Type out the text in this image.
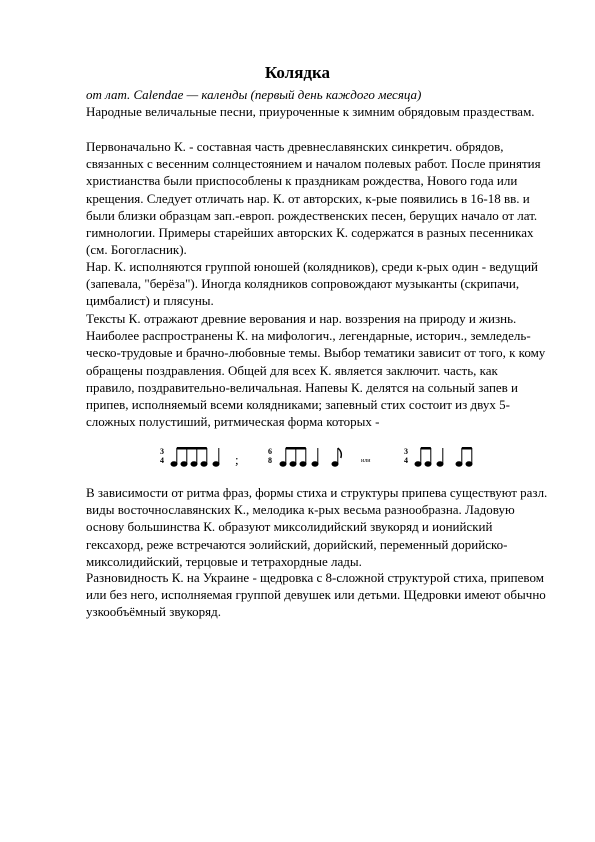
Колядка
от лат. Calendae — календы (первый день каждого месяца)

Народные величальные песни, приуроченные к зимним обрядовым праздествам.

Первоначально К. - составная часть древнеславянских синкретич. обрядов, связанных с весенним солнцестоянием и началом полевых работ. После принятия христианства были приспособлены к праздникам рождества, Нового года или крещения. Следует отличать нар. К. от авторских, к-рые появились в 16-18 вв. и были близки образцам зап.-европ. рождественских песен, берущих начало от лат. гимнологии. Примеры старейших авторских К. содержатся в разных песенниках (см. Богогласник).

Нар. К. исполняются группой юношей (колядников), среди к-рых один - ведущий (запевала, "берёза"). Иногда колядников сопровождают музыканты (скрипачи, цимбалист) и плясуны.

Тексты К. отражают древние верования и нар. воззрения на природу и жизнь. Наиболее распространены К. на мифологич., легендарные, историч., земледель-ческо-трудовые и брачно-любовные темы. Выбор тематики зависит от того, к кому обращены поздравления. Общей для всех К. является заключит. часть, как правило, поздравительно-величальная. Напевы К. делятся на сольный запев и припев, исполняемый всеми колядниками; запевный стих состоит из двух 5-сложных полустиший, ритмическая форма которых -

3
4	;
6
8	или
3
4

В зависимости от ритма фраз, формы стиха и структуры припева существуют разл. виды восточнославянских К., мелодика к-рых весьма разнообразна. Ладовую основу большинства К. образуют миксолидийский звукоряд и ионийский гексахорд, реже встречаются эолийский, дорийский, переменный дорийско- миксолидийский, терцовые и тетрахордные лады.

Разновидность К. на Украине - щедровка с 8-сложной структурой стиха, припевом или без него, исполняемая группой девушек или детьми. Щедровки имеют обычно узкообъёмный звукоряд.
